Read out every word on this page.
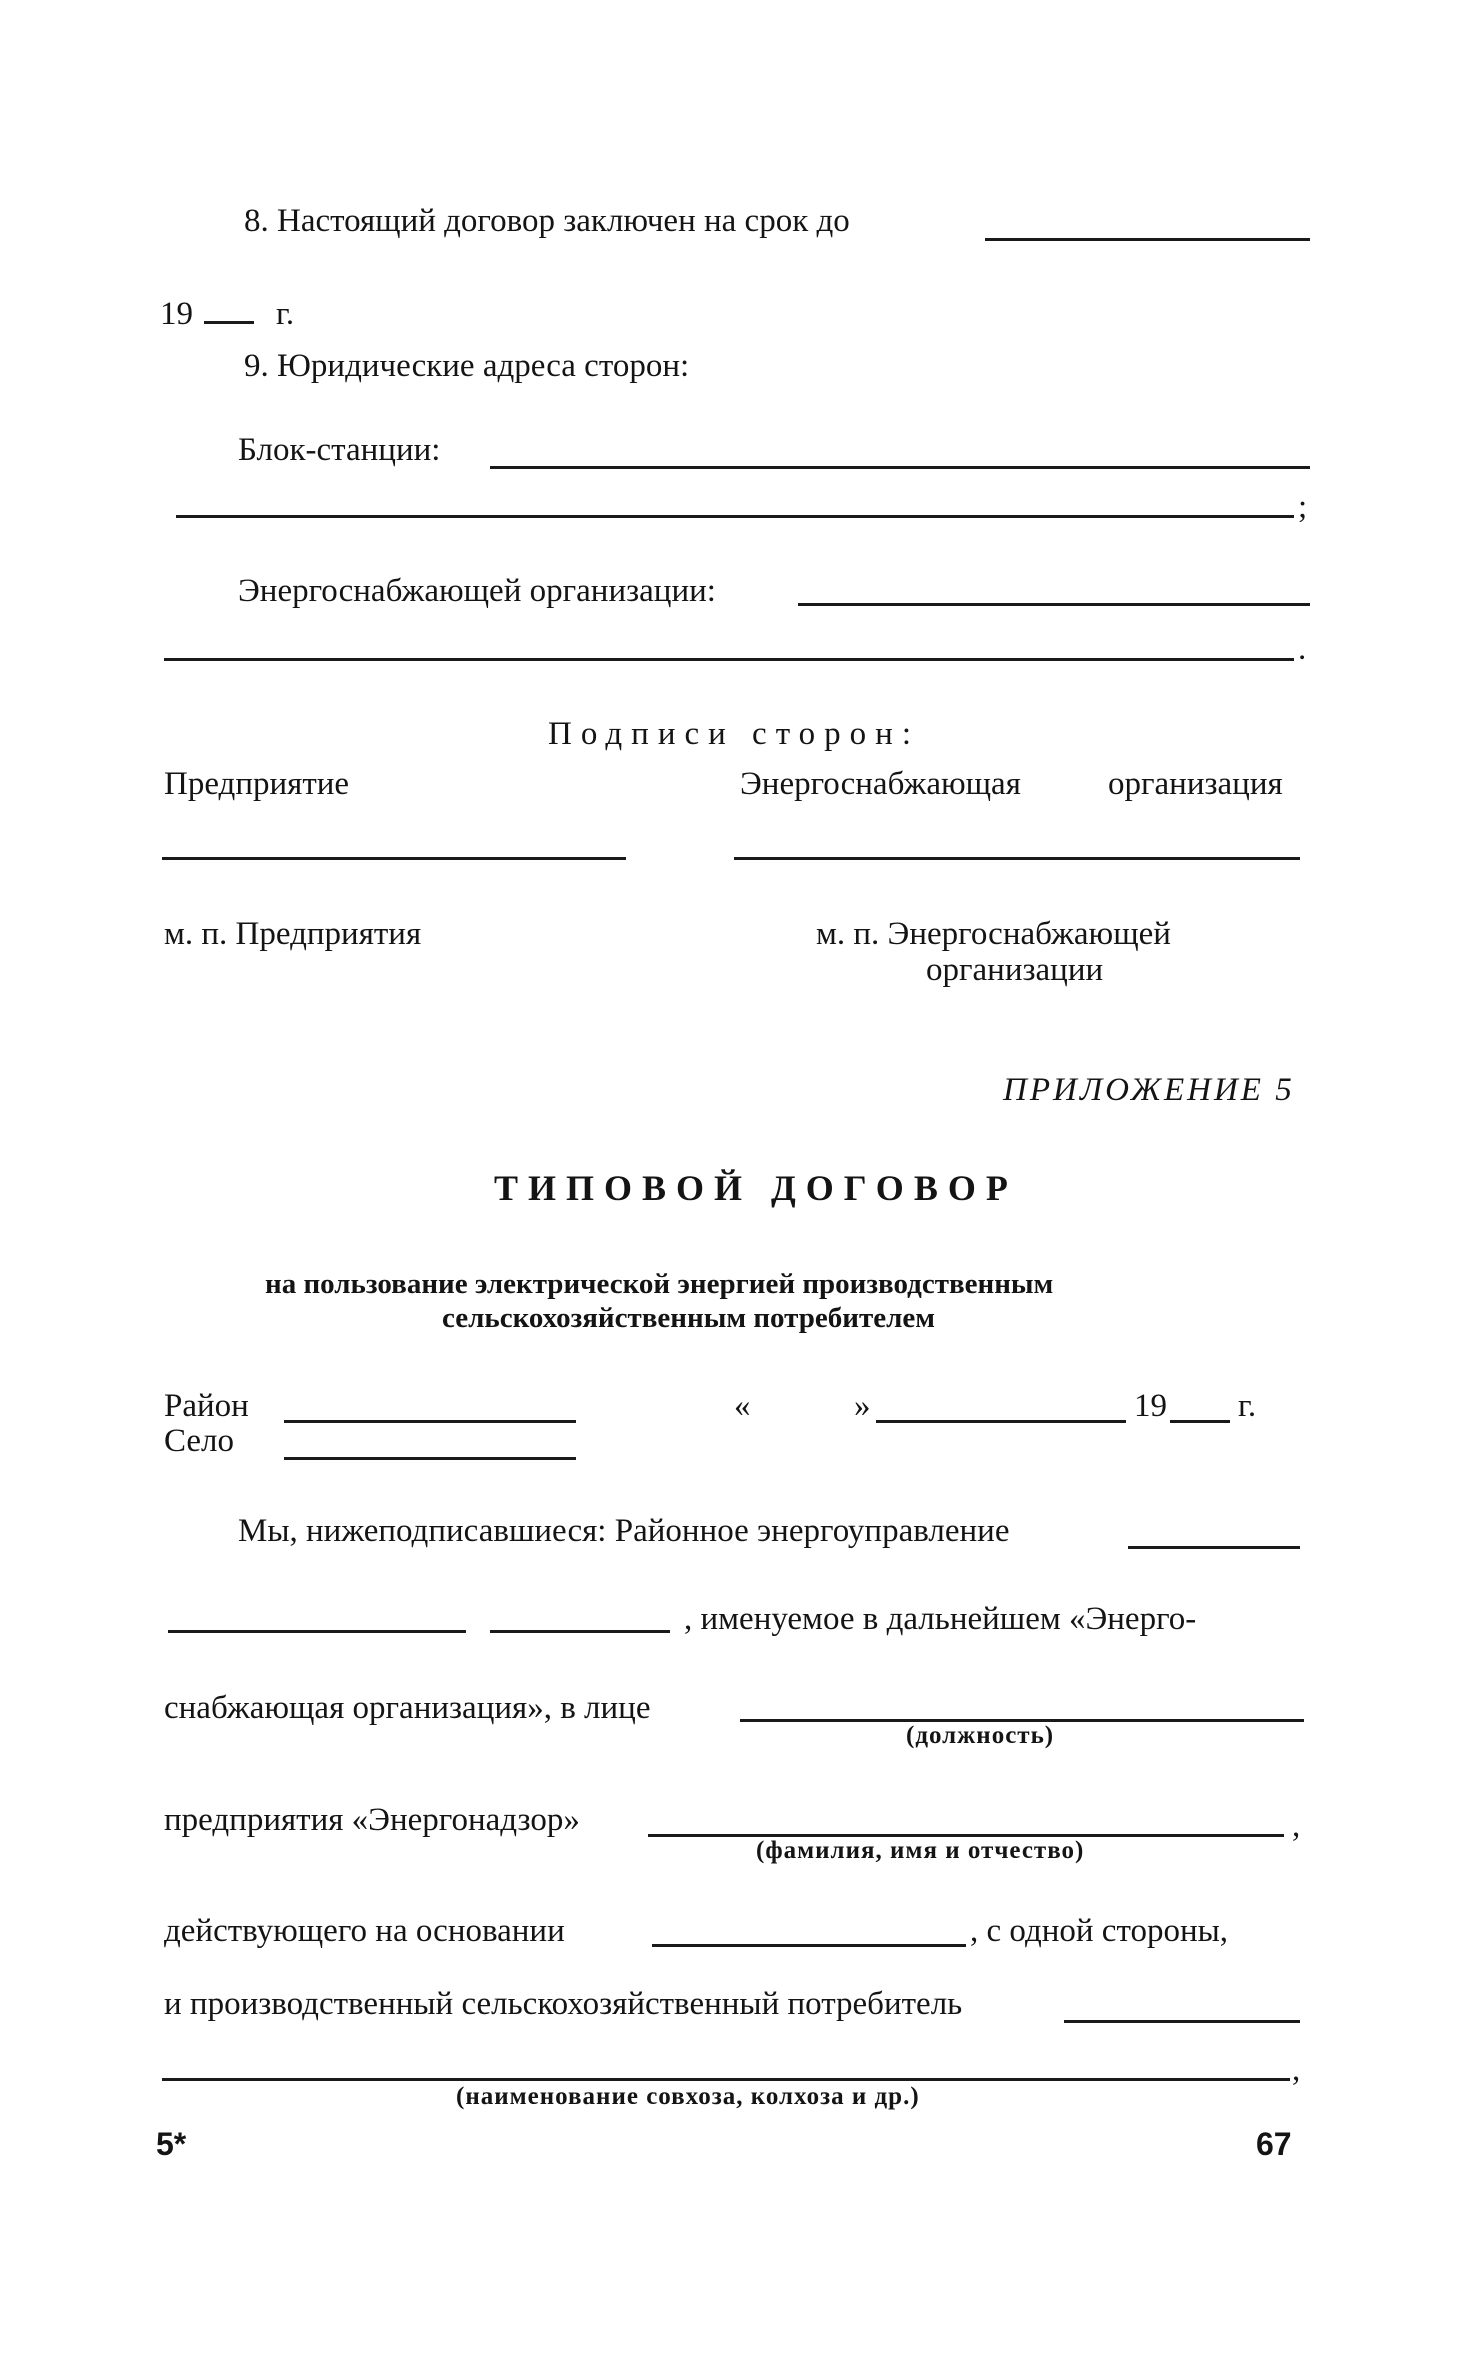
8. Настоящий договор заключен на срок до
19	г.
9. Юридические адреса сторон:
Блок-станции:
;
Энергоснабжающей организации:
.
Подписи сторон:
Предприятие	Энергоснабжающая	организация
м. п. Предприятия	м. п. Энергоснабжающей
организации
ПРИЛОЖЕНИЕ 5
ТИПОВОЙ ДОГОВОР
на пользование электрической энергией производственным
сельскохозяйственным потребителем
Район
Село
«	»	19 г.
Мы, нижеподписавшиеся: Районное энергоуправление
, именуемое в дальнейшем «Энерго-
снабжающая организация», в лице
(должность)
предприятия «Энергонадзор»	,
(фамилия, имя и отчество)
действующего на основании	, с одной стороны,
и производственный сельскохозяйственный потребитель
,
(наименование совхоза, колхоза и др.)
5*	67
